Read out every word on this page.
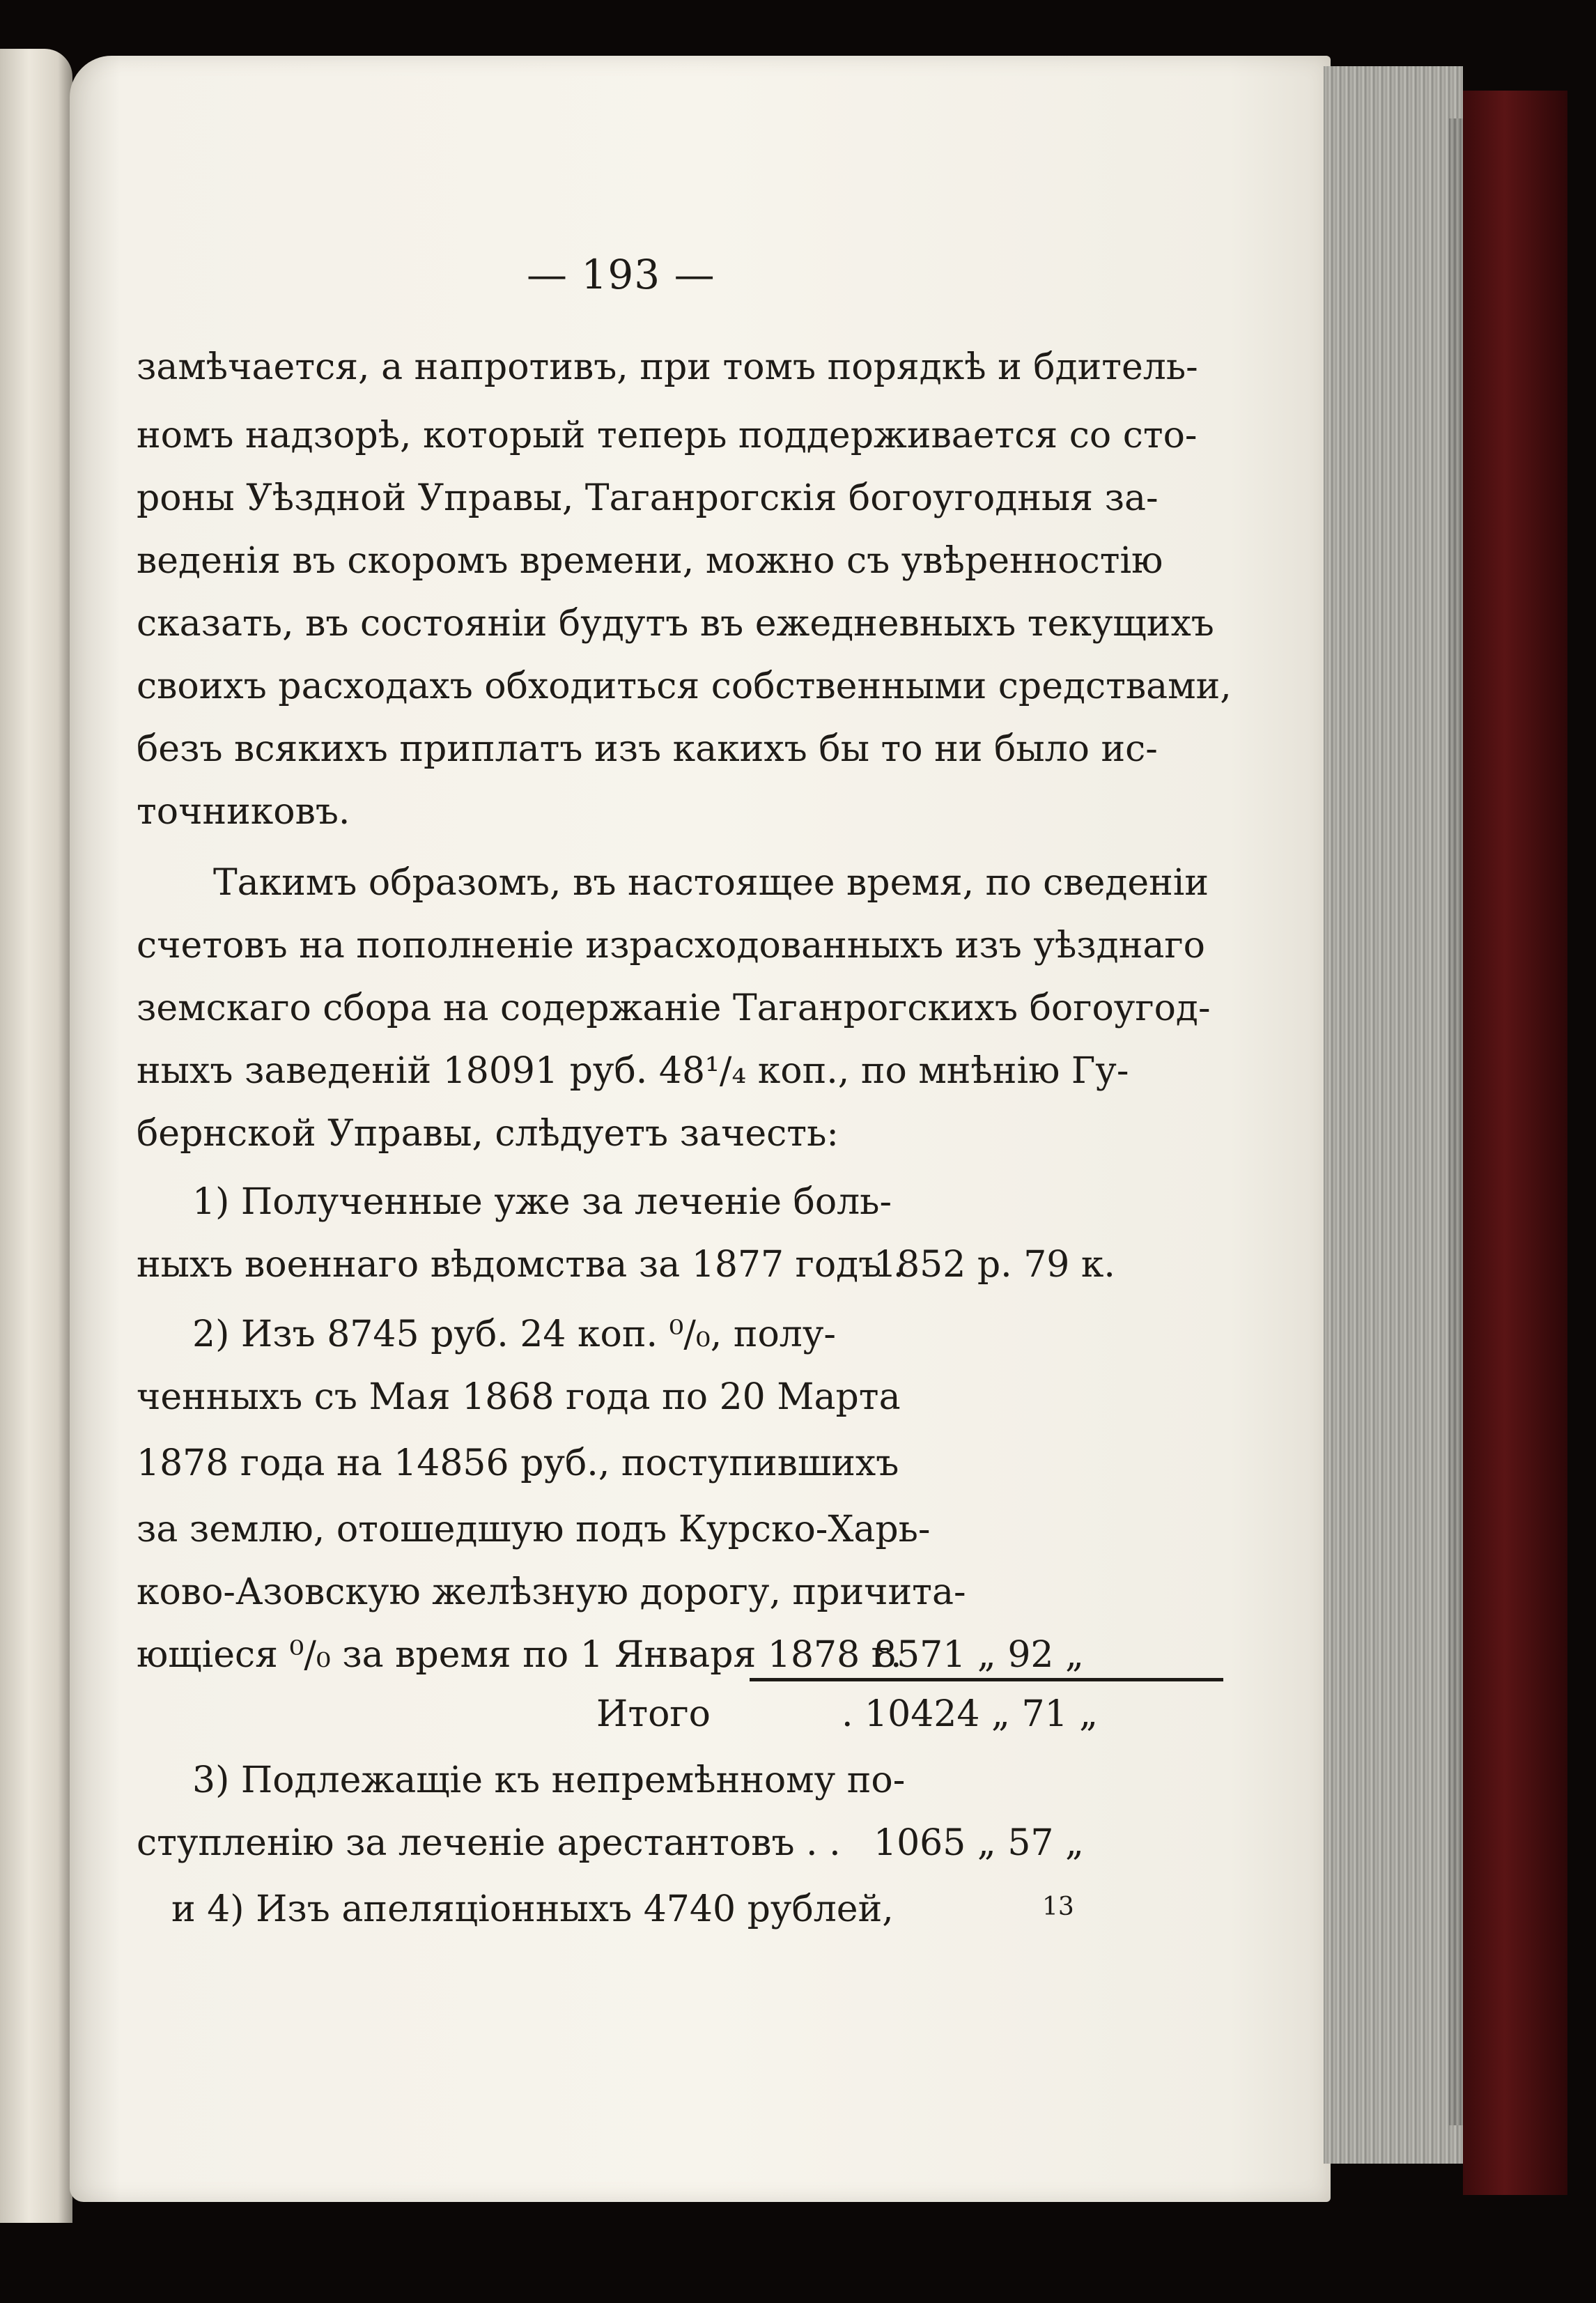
— 193 —
замѣчается, а напротивъ, при томъ порядкѣ и бдитель-
номъ надзорѣ, который теперь поддерживается со сто-
роны Уѣздной Управы, Таганрогскія богоугодныя за-
веденія въ скоромъ времени, можно съ увѣренностію
сказать, въ состояніи будутъ въ ежедневныхъ текущихъ
своихъ расходахъ обходиться собственными средствами,
безъ всякихъ приплатъ изъ какихъ бы то ни было ис-
точниковъ.
Такимъ образомъ, въ настоящее время, по сведеніи
счетовъ на пополненіе израсходованныхъ изъ уѣзднаго
земскаго сбора на содержаніе Таганрогскихъ богоугод-
ныхъ заведеній 18091 руб. 48¹/₄ коп., по мнѣнію Гу-
бернской Управы, слѣдуетъ зачесть:
1) Полученные уже за леченіе боль-
ныхъ военнаго вѣдомства за 1877 годъ .
1852 р. 79 к.
2) Изъ 8745 руб. 24 коп. ⁰/₀, полу-
ченныхъ съ Мая 1868 года по 20 Марта
1878 года на 14856 руб., поступившихъ
за землю, отошедшую подъ Курско-Харь-
ково-Азовскую желѣзную дорогу, причита-
ющіеся ⁰/₀ за время по 1 Января 1878 г.
8571 „ 92 „
Итого	. 10424 „ 71 „
3) Подлежащіе къ непремѣнному по-
ступленію за леченіе арестантовъ . . 1065 „ 57 „
и 4) Изъ апеляціонныхъ 4740 рублей,	13
